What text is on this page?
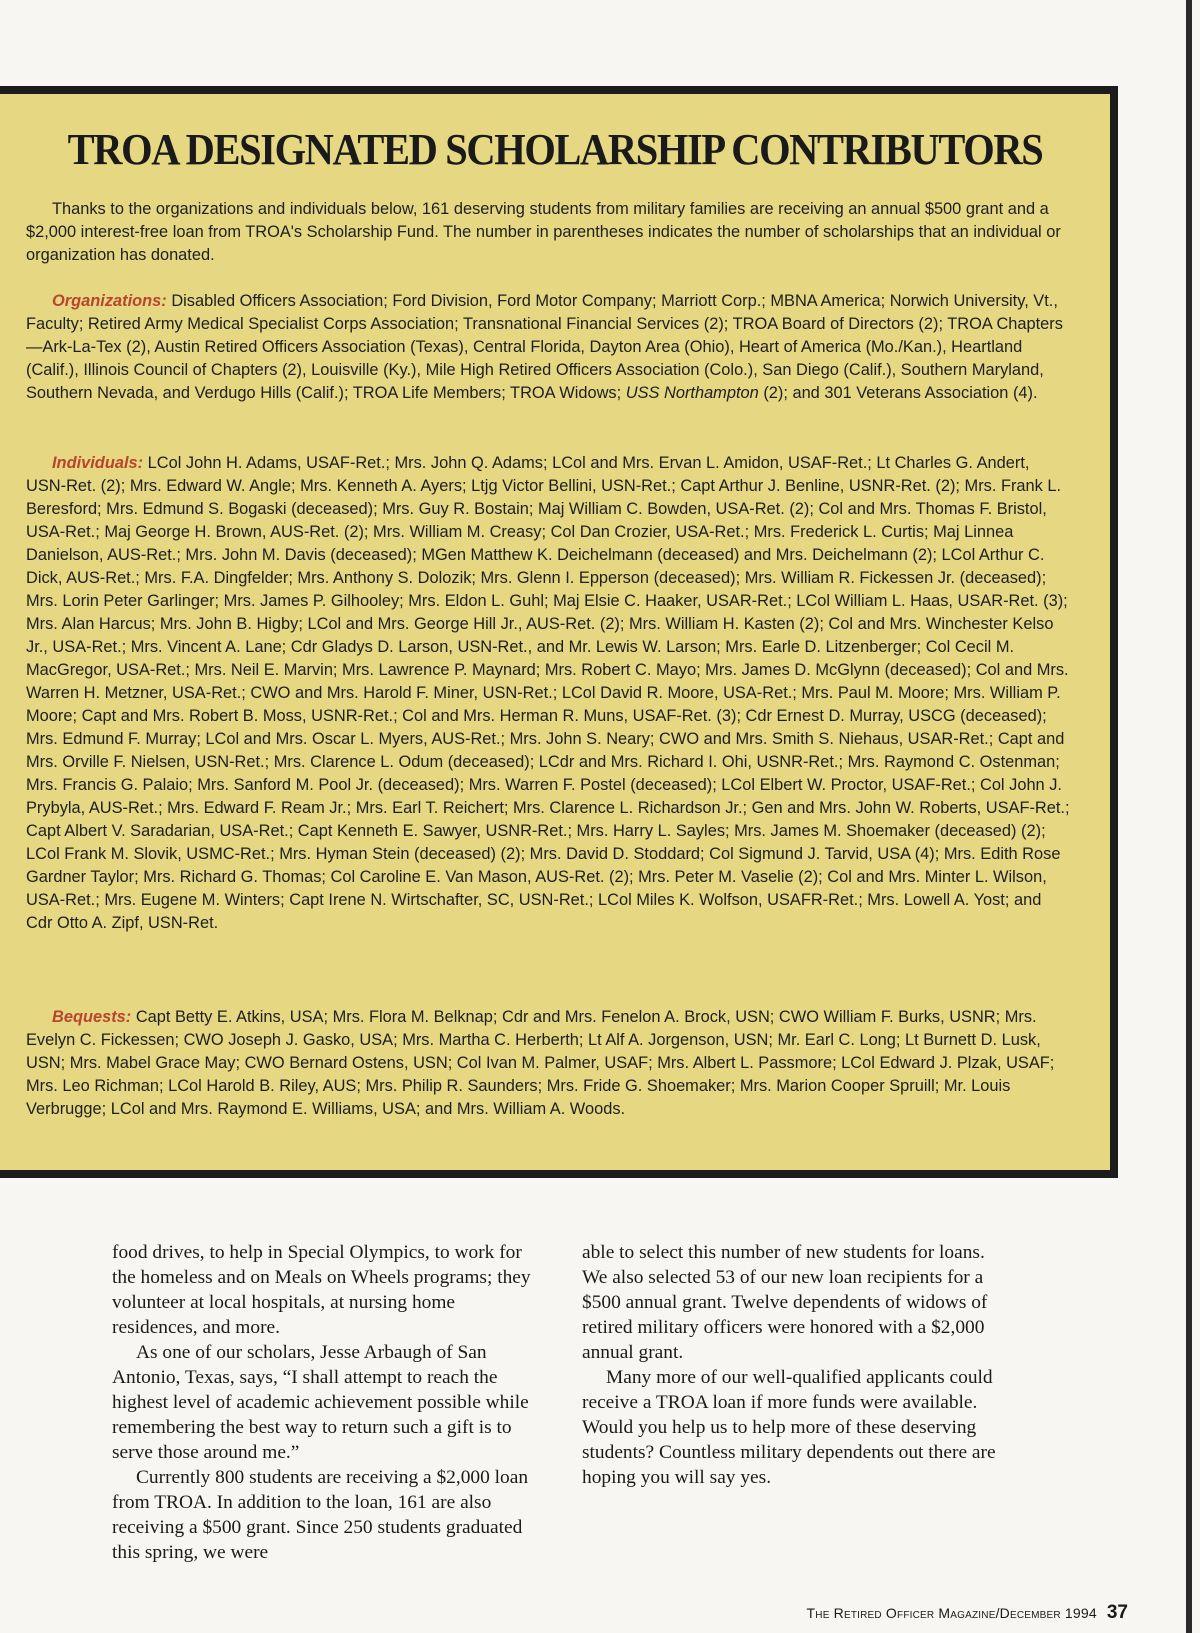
TROA DESIGNATED SCHOLARSHIP CONTRIBUTORS

Thanks to the organizations and individuals below, 161 deserving students from military families are receiving an annual $500 grant and a $2,000 interest-free loan from TROA's Scholarship Fund. The number in parentheses indicates the number of scholarships that an individual or organization has donated.

Organizations: Disabled Officers Association; Ford Division, Ford Motor Company; Marriott Corp.; MBNA America; Norwich University, Vt., Faculty; Retired Army Medical Specialist Corps Association; Transnational Financial Services (2); TROA Board of Directors (2); TROA Chapters—Ark-La-Tex (2), Austin Retired Officers Association (Texas), Central Florida, Dayton Area (Ohio), Heart of America (Mo./Kan.), Heartland (Calif.), Illinois Council of Chapters (2), Louisville (Ky.), Mile High Retired Officers Association (Colo.), San Diego (Calif.), Southern Maryland, Southern Nevada, and Verdugo Hills (Calif.); TROA Life Members; TROA Widows; USS Northampton (2); and 301 Veterans Association (4).

Individuals: LCol John H. Adams, USAF-Ret.; Mrs. John Q. Adams; LCol and Mrs. Ervan L. Amidon, USAF-Ret.; Lt Charles G. Andert, USN-Ret. (2); Mrs. Edward W. Angle; Mrs. Kenneth A. Ayers; Ltjg Victor Bellini, USN-Ret.; Capt Arthur J. Benline, USNR-Ret. (2); Mrs. Frank L. Beresford; Mrs. Edmund S. Bogaski (deceased); Mrs. Guy R. Bostain; Maj William C. Bowden, USA-Ret. (2); Col and Mrs. Thomas F. Bristol, USA-Ret.; Maj George H. Brown, AUS-Ret. (2); Mrs. William M. Creasy; Col Dan Crozier, USA-Ret.; Mrs. Frederick L. Curtis; Maj Linnea Danielson, AUS-Ret.; Mrs. John M. Davis (deceased); MGen Matthew K. Deichelmann (deceased) and Mrs. Deichelmann (2); LCol Arthur C. Dick, AUS-Ret.; Mrs. F.A. Dingfelder; Mrs. Anthony S. Dolozik; Mrs. Glenn I. Epperson (deceased); Mrs. William R. Fickessen Jr. (deceased); Mrs. Lorin Peter Garlinger; Mrs. James P. Gilhooley; Mrs. Eldon L. Guhl; Maj Elsie C. Haaker, USAR-Ret.; LCol William L. Haas, USAR-Ret. (3); Mrs. Alan Harcus; Mrs. John B. Higby; LCol and Mrs. George Hill Jr., AUS-Ret. (2); Mrs. William H. Kasten (2); Col and Mrs. Winchester Kelso Jr., USA-Ret.; Mrs. Vincent A. Lane; Cdr Gladys D. Larson, USN-Ret., and Mr. Lewis W. Larson; Mrs. Earle D. Litzenberger; Col Cecil M. MacGregor, USA-Ret.; Mrs. Neil E. Marvin; Mrs. Lawrence P. Maynard; Mrs. Robert C. Mayo; Mrs. James D. McGlynn (deceased); Col and Mrs. Warren H. Metzner, USA-Ret.; CWO and Mrs. Harold F. Miner, USN-Ret.; LCol David R. Moore, USA-Ret.; Mrs. Paul M. Moore; Mrs. William P. Moore; Capt and Mrs. Robert B. Moss, USNR-Ret.; Col and Mrs. Herman R. Muns, USAF-Ret. (3); Cdr Ernest D. Murray, USCG (deceased); Mrs. Edmund F. Murray; LCol and Mrs. Oscar L. Myers, AUS-Ret.; Mrs. John S. Neary; CWO and Mrs. Smith S. Niehaus, USAR-Ret.; Capt and Mrs. Orville F. Nielsen, USN-Ret.; Mrs. Clarence L. Odum (deceased); LCdr and Mrs. Richard I. Ohi, USNR-Ret.; Mrs. Raymond C. Ostenman; Mrs. Francis G. Palaio; Mrs. Sanford M. Pool Jr. (deceased); Mrs. Warren F. Postel (deceased); LCol Elbert W. Proctor, USAF-Ret.; Col John J. Prybyla, AUS-Ret.; Mrs. Edward F. Ream Jr.; Mrs. Earl T. Reichert; Mrs. Clarence L. Richardson Jr.; Gen and Mrs. John W. Roberts, USAF-Ret.; Capt Albert V. Saradarian, USA-Ret.; Capt Kenneth E. Sawyer, USNR-Ret.; Mrs. Harry L. Sayles; Mrs. James M. Shoemaker (deceased) (2); LCol Frank M. Slovik, USMC-Ret.; Mrs. Hyman Stein (deceased) (2); Mrs. David D. Stoddard; Col Sigmund J. Tarvid, USA (4); Mrs. Edith Rose Gardner Taylor; Mrs. Richard G. Thomas; Col Caroline E. Van Mason, AUS-Ret. (2); Mrs. Peter M. Vaselie (2); Col and Mrs. Minter L. Wilson, USA-Ret.; Mrs. Eugene M. Winters; Capt Irene N. Wirtschafter, SC, USN-Ret.; LCol Miles K. Wolfson, USAFR-Ret.; Mrs. Lowell A. Yost; and Cdr Otto A. Zipf, USN-Ret.

Bequests: Capt Betty E. Atkins, USA; Mrs. Flora M. Belknap; Cdr and Mrs. Fenelon A. Brock, USN; CWO William F. Burks, USNR; Mrs. Evelyn C. Fickessen; CWO Joseph J. Gasko, USA; Mrs. Martha C. Herberth; Lt Alf A. Jorgenson, USN; Mr. Earl C. Long; Lt Burnett D. Lusk, USN; Mrs. Mabel Grace May; CWO Bernard Ostens, USN; Col Ivan M. Palmer, USAF; Mrs. Albert L. Passmore; LCol Edward J. Plzak, USAF; Mrs. Leo Richman; LCol Harold B. Riley, AUS; Mrs. Philip R. Saunders; Mrs. Fride G. Shoemaker; Mrs. Marion Cooper Spruill; Mr. Louis Verbrugge; LCol and Mrs. Raymond E. Williams, USA; and Mrs. William A. Woods.

food drives, to help in Special Olympics, to work for the homeless and on Meals on Wheels programs; they volunteer at local hospitals, at nursing home residences, and more.

As one of our scholars, Jesse Arbaugh of San Antonio, Texas, says, “I shall attempt to reach the highest level of academic achievement possible while remembering the best way to return such a gift is to serve those around me.”

Currently 800 students are receiving a $2,000 loan from TROA. In addition to the loan, 161 are also receiving a $500 grant. Since 250 students graduated this spring, we were

able to select this number of new students for loans. We also selected 53 of our new loan recipients for a $500 annual grant. Twelve dependents of widows of retired military officers were honored with a $2,000 annual grant.

Many more of our well-qualified applicants could receive a TROA loan if more funds were available. Would you help us to help more of these deserving students? Countless military dependents out there are hoping you will say yes.

The Retired Officer Magazine/December 1994 37
